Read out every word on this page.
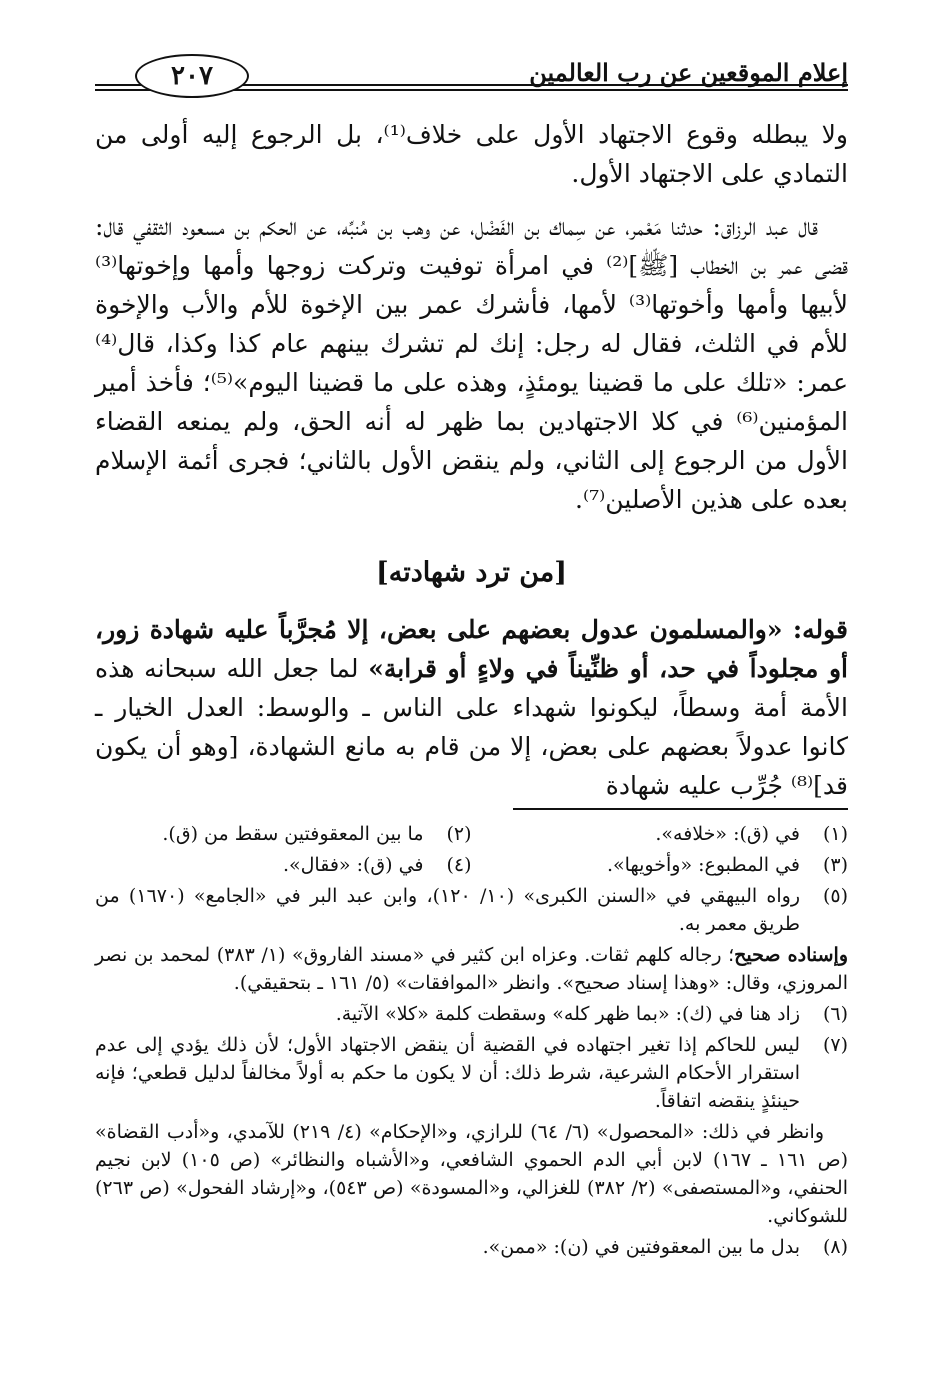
إعلام الموقعين عن رب العالمين
٢٠٧

ولا يبطله وقوع الاجتهاد الأول على خلاف⁽¹⁾، بل الرجوع إليه أولى من التمادي على الاجتهاد الأول.

قال عبد الرزاق: حدثنا مَعْمر، عن سِماك بن الفَضْل، عن وهب بن مُنبِّه، عن الحكم بن مسعود الثقفي قال: قضى عمر بن الخطاب [ﷺ]⁽²⁾ في امرأة توفيت وتركت زوجها وأمها وإخوتها⁽³⁾ لأبيها وأمها وأخوتها⁽³⁾ لأمها، فأشرك عمر بين الإخوة للأم والأب والإخوة للأم في الثلث، فقال له رجل: إنك لم تشرك بينهم عام كذا وكذا، قال⁽⁴⁾ عمر: «تلك على ما قضينا يومئذٍ، وهذه على ما قضينا اليوم»⁽⁵⁾؛ فأخذ أمير المؤمنين⁽⁶⁾ في كلا الاجتهادين بما ظهر له أنه الحق، ولم يمنعه القضاء الأول من الرجوع إلى الثاني، ولم ينقض الأول بالثاني؛ فجرى أئمة الإسلام بعده على هذين الأصلين⁽⁷⁾.

[من ترد شهادته]

قوله: «والمسلمون عدول بعضهم على بعض، إلا مُجرَّباً عليه شهادة زور، أو مجلوداً في حد، أو ظنِّيناً في ولاءٍ أو قرابة» لما جعل الله سبحانه هذه الأمة أمة وسطاً، ليكونوا شهداء على الناس ـ والوسط: العدل الخيار ـ كانوا عدولاً بعضهم على بعض، إلا من قام به مانع الشهادة، [وهو أن يكون قد]⁽⁸⁾ جُرِّب عليه شهادة

(١)
في (ق): «خلافه».
(٢)
ما بين المعقوفتين سقط من (ق).
(٣)
في المطبوع: «وأخويها».
(٤)
في (ق): «فقال».
(٥)
رواه البيهقي في «السنن الكبرى» (١٠/ ١٢٠)، وابن عبد البر في «الجامع» (١٦٧٠) من طريق معمر به.

وإسناده صحيح؛ رجاله كلهم ثقات. وعزاه ابن كثير في «مسند الفاروق» (١/ ٣٨٣) لمحمد بن نصر المروزي، وقال: «وهذا إسناد صحيح». وانظر «الموافقات» (٥/ ١٦١ ـ بتحقيقي).

(٦)
زاد هنا في (ك): «بما ظهر كله» وسقطت كلمة «كلا» الآتية.
(٧)
ليس للحاكم إذا تغير اجتهاده في القضية أن ينقض الاجتهاد الأول؛ لأن ذلك يؤدي إلى عدم استقرار الأحكام الشرعية، شرط ذلك: أن لا يكون ما حكم به أولاً مخالفاً لدليل قطعي؛ فإنه حينئذٍ ينقضه اتفاقاً.

وانظر في ذلك: «المحصول» (٦/ ٦٤) للرازي، و«الإحكام» (٤/ ٢١٩) للآمدي، و«أدب القضاة» (ص ١٦١ ـ ١٦٧) لابن أبي الدم الحموي الشافعي، و«الأشباه والنظائر» (ص ١٠٥) لابن نجيم الحنفي، و«المستصفى» (٢/ ٣٨٢) للغزالي، و«المسودة» (ص ٥٤٣)، و«إرشاد الفحول» (ص ٢٦٣) للشوكاني.

(٨)
بدل ما بين المعقوفتين في (ن): «ممن».
